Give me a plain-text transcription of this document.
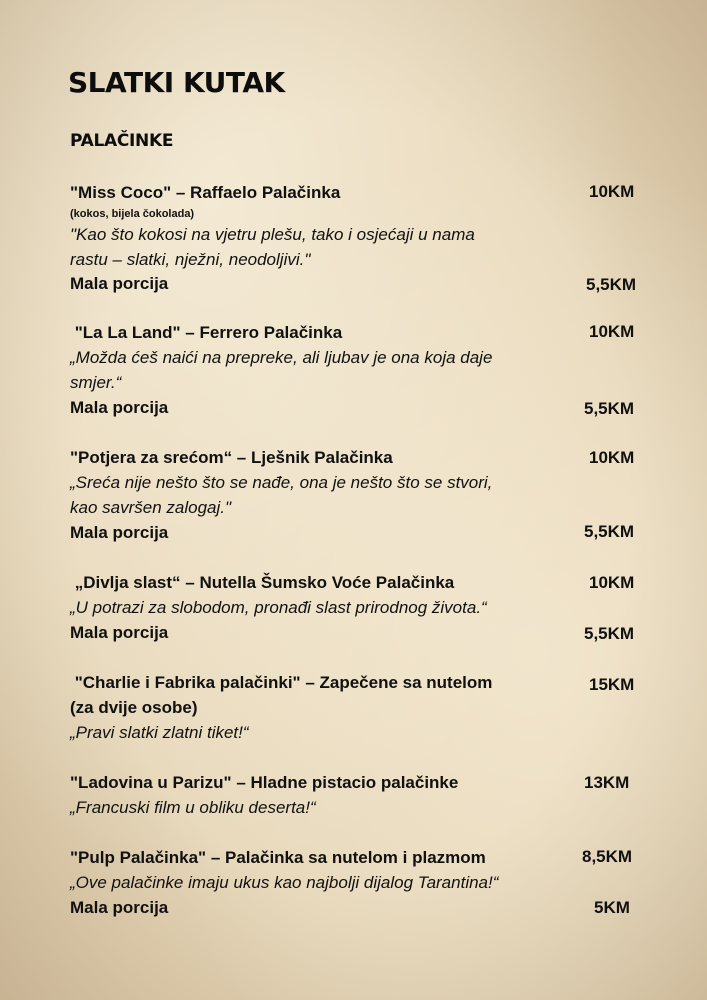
SLATKI KUTAK
PALAČINKE
"Miss Coco" – Raffaelo Palačinka	10KM
(kokos, bijela čokolada)
"Kao što kokosi na vjetru plešu, tako i osjećaji u nama
rastu – slatki, nježni, neodoljivi."
Mala porcija	5,5KM
"La La Land" – Ferrero Palačinka	10KM
„Možda ćeš naići na prepreke, ali ljubav je ona koja daje
smjer.“
Mala porcija	5,5KM
"Potjera za srećom“ – Lješnik Palačinka	10KM
„Sreća nije nešto što se nađe, ona je nešto što se stvori,
kao savršen zalogaj."
Mala porcija	5,5KM
„Divlja slast“ – Nutella Šumsko Voće Palačinka	10KM
„U potrazi za slobodom, pronađi slast prirodnog života.“
Mala porcija	5,5KM
"Charlie i Fabrika palačinki" – Zapečene sa nutelom	15KM
(za dvije osobe)
„Pravi slatki zlatni tiket!“
"Ladovina u Parizu" – Hladne pistacio palačinke	13KM
„Francuski film u obliku deserta!“
"Pulp Palačinka" – Palačinka sa nutelom i plazmom	8,5KM
„Ove palačinke imaju ukus kao najbolji dijalog Tarantina!“
Mala porcija	5KM
